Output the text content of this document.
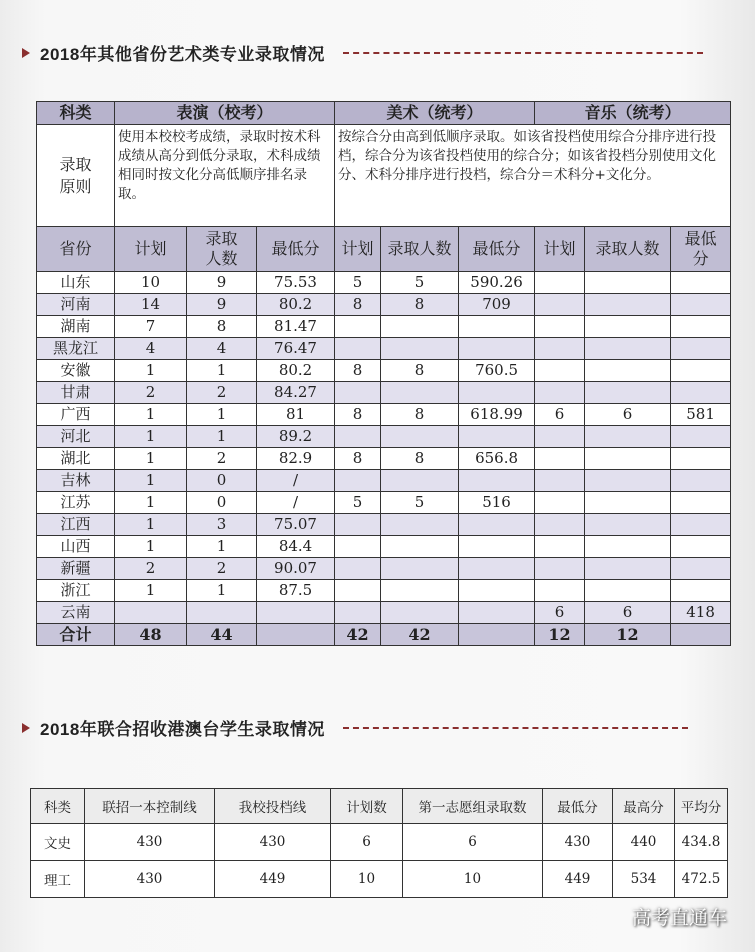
2018年其他省份艺术类专业录取情况
科类	表演（校考）			美术（统考）			音乐（统考）		
录取原则	使用本校校考成绩，录取时按术科成绩从高分到低分录取，术科成绩相同时按文化分高低顺序排名录取。			按综合分由高到低顺序录取。如该省投档使用综合分排序进行投档，综合分为该省投档使用的综合分；如该省投档分别使用文化分、术科分排序进行投档，综合分＝术科分+文化分。					
省份	计划	录取人数	最低分	计划	录取人数	最低分	计划	录取人数	最低分
山东	10	9	75.53	5	5	590.26			
河南	14	9	80.2	8	8	709			
湖南	7	8	81.47						
黑龙江	4	4	76.47						
安徽	1	1	80.2	8	8	760.5			
甘肃	2	2	84.27						
广西	1	1	81	8	8	618.99	6	6	581
河北	1	1	89.2						
湖北	1	2	82.9	8	8	656.8			
吉林	1	0	/						
江苏	1	0	/	5	5	516			
江西	1	3	75.07						
山西	1	1	84.4						
新疆	2	2	90.07						
浙江	1	1	87.5						
云南							6	6	418
合计	48	44		42	42		12	12	
2018年联合招收港澳台学生录取情况
科类	联招一本控制线	我校投档线	计划数	第一志愿组录取数	最低分	最高分	平均分
文史	430	430	6	6	430	440	434.8
理工	430	449	10	10	449	534	472.5
高考直通车
